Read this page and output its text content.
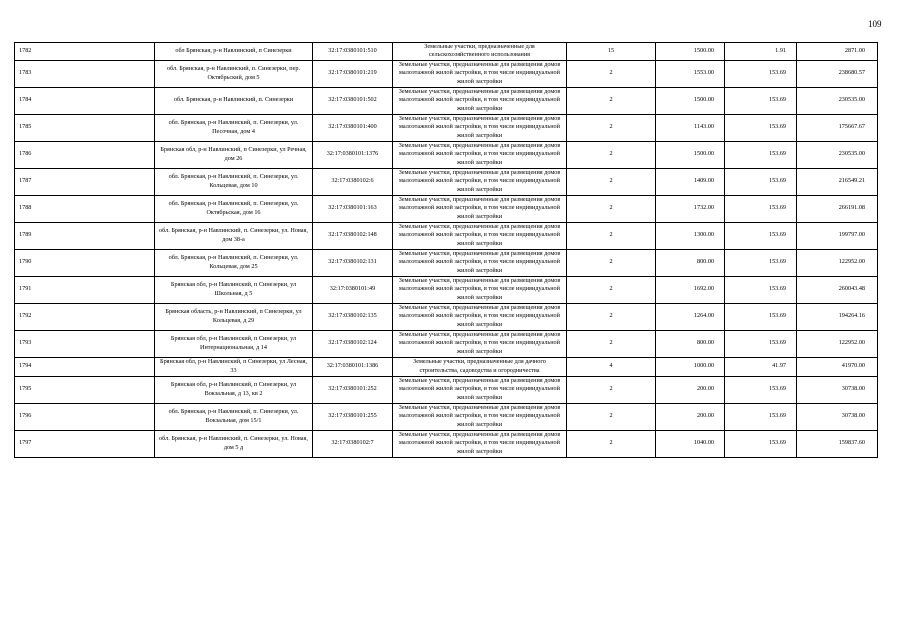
109
1782	обл Брянская, р-н Навлинский, п Синезерки	32:17:0380101:510	Земельные участки, предназначенные для сельскохозяйственного использования	15	1500.00	1.91	2871.00
1783	обл. Брянская, р-н Навлинский, п. Синезерки, пер. Октябрьский, дом 5	32:17:0380101:219	Земельные участки, предназначенные для размещения домов малоэтажной жилой застройки, в том числе индивидуальной жилой застройки	2	1553.00	153.69	238680.57
1784	обл. Брянская, р-н Навлинский, п. Синезерки	32:17:0380101:502	Земельные участки, предназначенные для размещения домов малоэтажной жилой застройки, в том числе индивидуальной жилой застройки	2	1500.00	153.69	230535.00
1785	обл. Брянская, р-н Навлинский, п. Синезерки, ул. Песочная, дом 4	32:17:0380101:400	Земельные участки, предназначенные для размещения домов малоэтажной жилой застройки, в том числе индивидуальной жилой застройки	2	1143.00	153.69	175667.67
1786	Брянская обл, р-н Навлинский, п Синезерки, ул Речная, дом 26	32:17:0380101:1376	Земельные участки, предназначенные для размещения домов малоэтажной жилой застройки, в том числе индивидуальной жилой застройки	2	1500.00	153.69	230535.00
1787	обл. Брянская, р-н Навлинский, п. Синезерки, ул. Кольцевая, дом 10	32:17:0380102:6	Земельные участки, предназначенные для размещения домов малоэтажной жилой застройки, в том числе индивидуальной жилой застройки	2	1409.00	153.69	216549.21
1788	обл. Брянская, р-н Навлинский, п. Синезерки, ул. Октябрьская, дом 16	32:17:0380101:163	Земельные участки, предназначенные для размещения домов малоэтажной жилой застройки, в том числе индивидуальной жилой застройки	2	1732.00	153.69	266191.08
1789	обл. Брянская, р-н Навлинский, п. Синезерки, ул. Новая, дом 38-а	32:17:0380102:148	Земельные участки, предназначенные для размещения домов малоэтажной жилой застройки, в том числе индивидуальной жилой застройки	2	1300.00	153.69	199797.00
1790	обл. Брянская, р-н Навлинский, п. Синезерки, ул. Кольцевая, дом 25	32:17:0380102:131	Земельные участки, предназначенные для размещения домов малоэтажной жилой застройки, в том числе индивидуальной жилой застройки	2	800.00	153.69	122952.00
1791	Брянская обл, р-н Навлинский, п Синезерки, ул Школьная, д 5	32:17:0380101:49	Земельные участки, предназначенные для размещения домов малоэтажной жилой застройки, в том числе индивидуальной жилой застройки	2	1692.00	153.69	260043.48
1792	Брянская область, р-н Навлинский, п Синезерки, ул Кольцевая, д 29	32:17:0380102:135	Земельные участки, предназначенные для размещения домов малоэтажной жилой застройки, в том числе индивидуальной жилой застройки	2	1264.00	153.69	194264.16
1793	Брянская обл, р-н Навлинский, п Синезерки, ул Интернациональная, д 14	32:17:0380102:124	Земельные участки, предназначенные для размещения домов малоэтажной жилой застройки, в том числе индивидуальной жилой застройки	2	800.00	153.69	122952.00
1794	Брянская обл, р-н Навлинский, п Синезерки, ул Лесная, 33	32:17:0380101:1386	Земельные участки, предназначенные для дачного строительства, садоводства и огородничества	4	1000.00	41.97	41970.00
1795	Брянская обл, р-н Навлинский, п Синезерки, ул Вокзальная, д 13, кв 2	32:17:0380101:252	Земельные участки, предназначенные для размещения домов малоэтажной жилой застройки, в том числе индивидуальной жилой застройки	2	200.00	153.69	30738.00
1796	обл. Брянская, р-н Навлинский, п. Синезерки, ул. Вокзальная, дом 15/1	32:17:0380101:255	Земельные участки, предназначенные для размещения домов малоэтажной жилой застройки, в том числе индивидуальной жилой застройки	2	200.00	153.69	30738.00
1797	обл. Брянская, р-н Навлинский, п. Синезерки, ул. Новая, дом 5 д	32:17:0380102:7	Земельные участки, предназначенные для размещения домов малоэтажной жилой застройки, в том числе индивидуальной жилой застройки	2	1040.00	153.69	159837.60
